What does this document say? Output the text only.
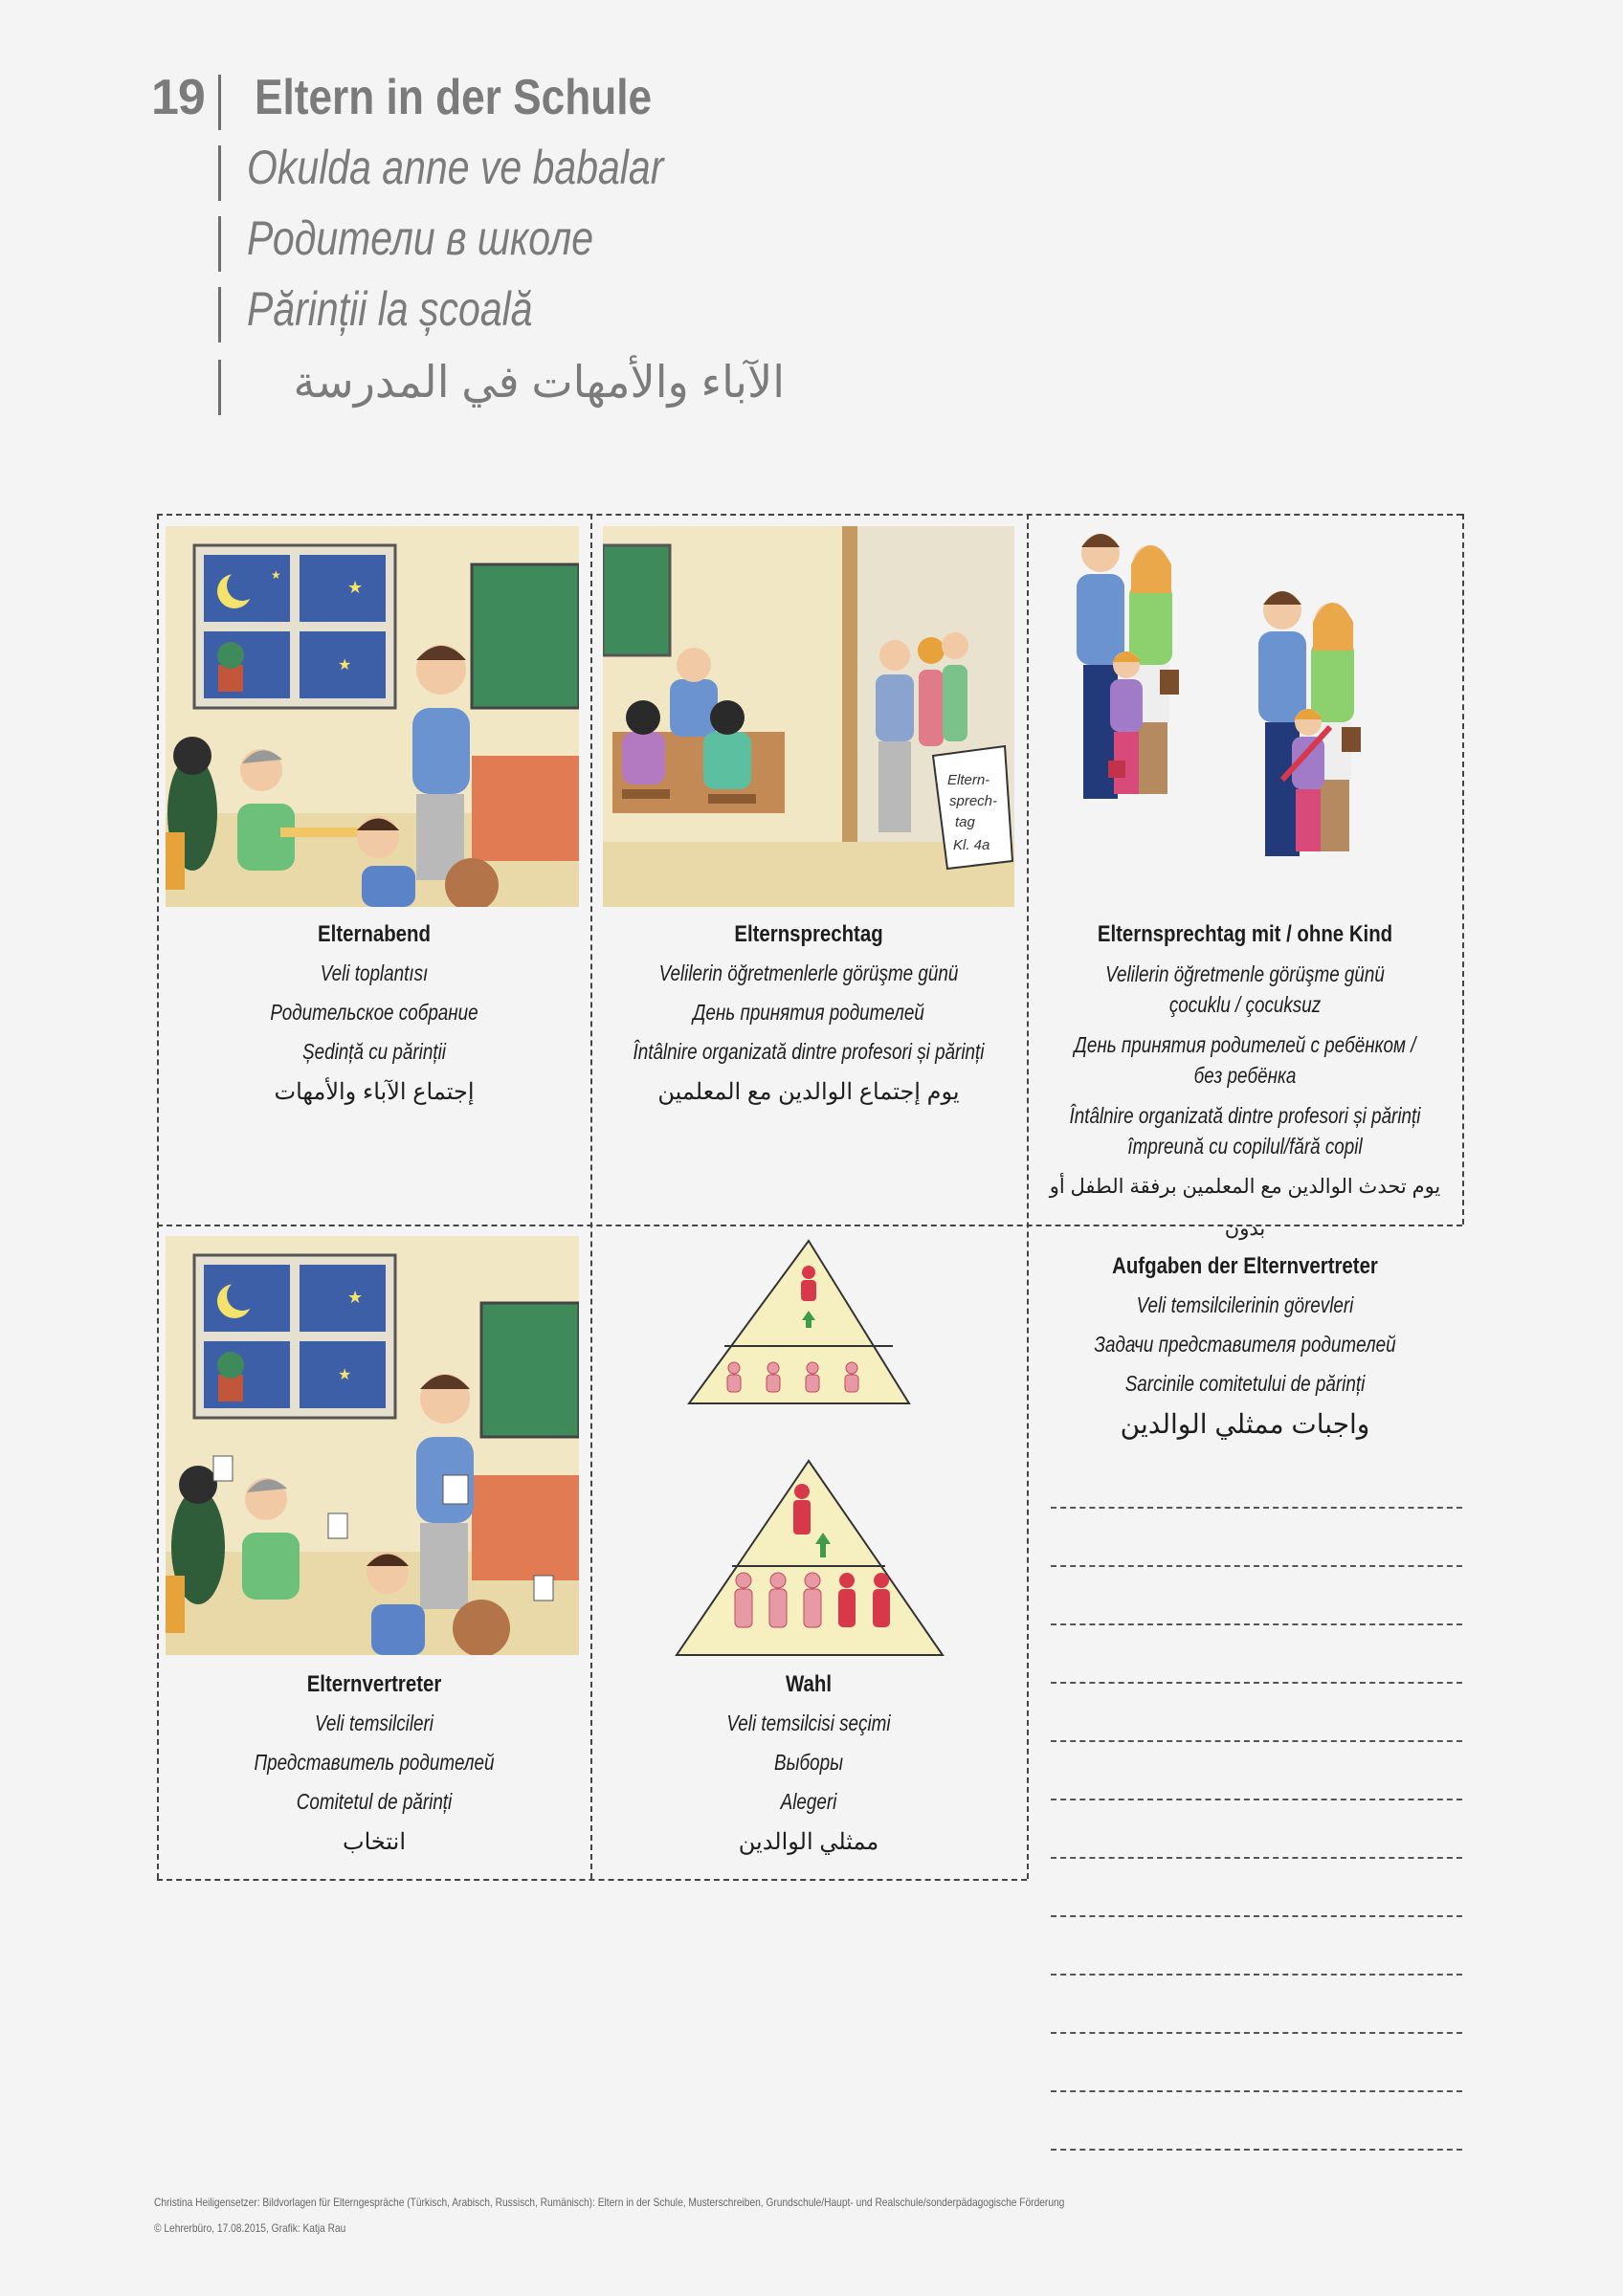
19 Eltern in der Schule
Okulda anne ve babalar
Родители в школе
Părinții la școală
الآباء والأمهات في المدرسة
★
★
★
Eltern-
sprech-
tag
Kl. 4a
★
★
Elternabend
Veli toplantısı
Родительское собрание
Ședință cu părinții
إجتماع الآباء والأمهات
Elternsprechtag
Velilerin öğretmenlerle görüşme günü
День принятия родителей
Întâlnire organizată dintre profesori și părinți
يوم إجتماع الوالدين مع المعلمين
Elternsprechtag mit / ohne Kind
Velilerin öğretmenle görüşme günü
çocuklu / çocuksuz
День принятия родителей с ребёнком /
без ребёнка
Întâlnire organizată dintre profesori și părinți
împreună cu copilul/fără copil
يوم تحدث الوالدين مع المعلمين برفقة الطفل أو بدون
Elternvertreter
Veli temsilcileri
Представитель родителей
Comitetul de părinți
انتخاب
Wahl
Veli temsilcisi seçimi
Выборы
Alegeri
ممثلي الوالدين
Aufgaben der Elternvertreter
Veli temsilcilerinin görevleri
Задачи представителя родителей
Sarcinile comitetului de părinți
واجبات ممثلي الوالدين
Christina Heiligensetzer: Bildvorlagen für Elterngespräche (Türkisch, Arabisch, Russisch, Rumänisch): Eltern in der Schule, Musterschreiben, Grundschule/Haupt- und Realschule/sonderpädagogische Förderung
© Lehrerbüro, 17.08.2015, Grafik: Katja Rau
